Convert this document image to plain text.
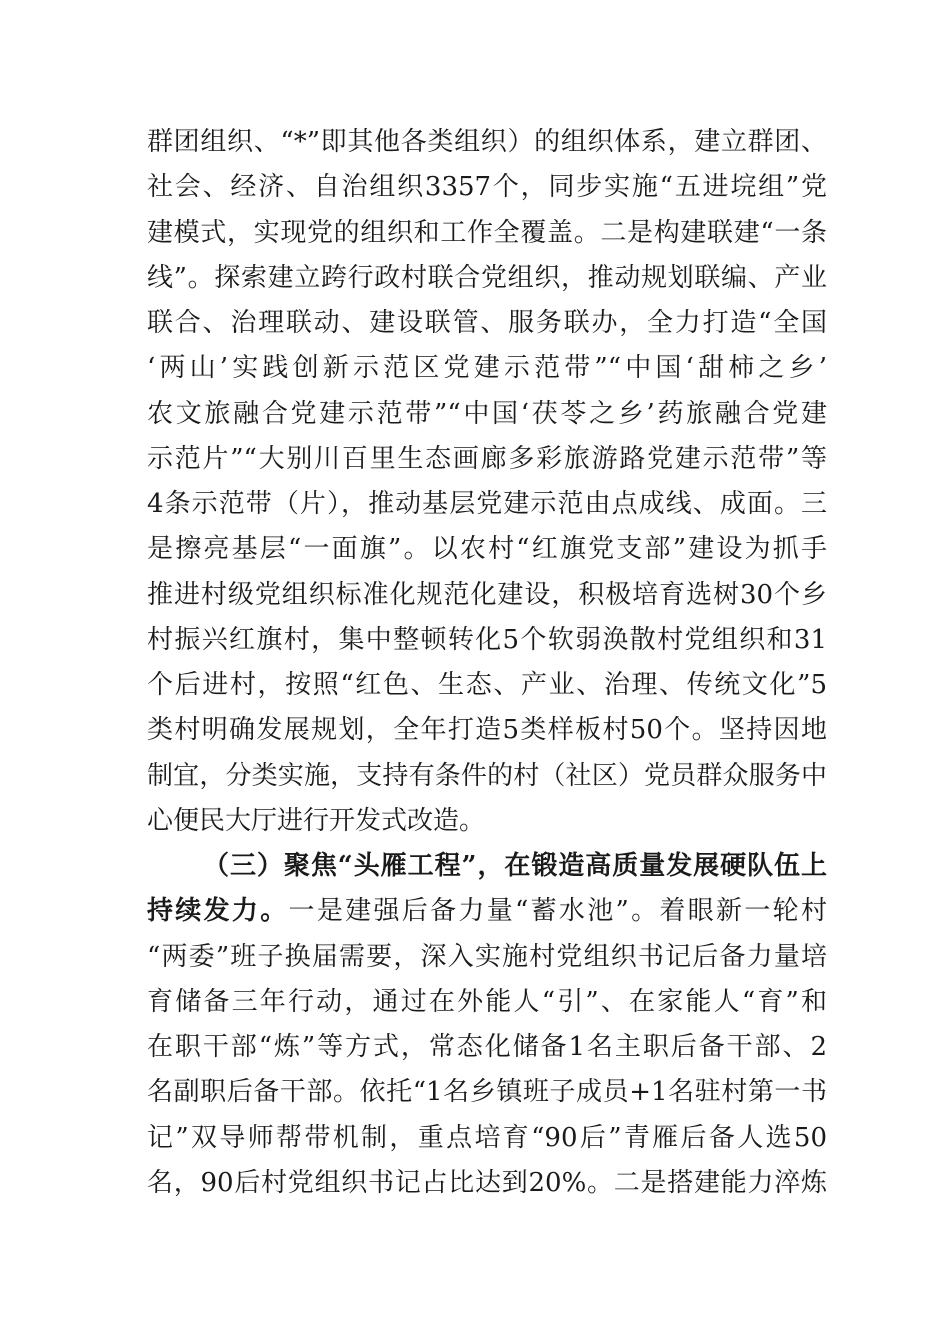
群团组织、“*”即其他各类组织）的组织体系，建立群团、
社会、经济、自治组织3357个，同步实施“五进垸组”党
建模式，实现党的组织和工作全覆盖。二是构建联建“一条
线”。探索建立跨行政村联合党组织，推动规划联编、产业
联合、治理联动、建设联管、服务联办，全力打造“全国
‘两山’实践创新示范区党建示范带”“中国‘甜柿之乡’
农文旅融合党建示范带”“中国‘茯苓之乡’药旅融合党建
示范片”“大别川百里生态画廊多彩旅游路党建示范带”等
4条示范带（片），推动基层党建示范由点成线、成面。三
是擦亮基层“一面旗”。以农村“红旗党支部”建设为抓手
推进村级党组织标准化规范化建设，积极培育选树30个乡
村振兴红旗村，集中整顿转化5个软弱涣散村党组织和31
个后进村，按照“红色、生态、产业、治理、传统文化”5
类村明确发展规划，全年打造5类样板村50个。坚持因地
制宜，分类实施，支持有条件的村（社区）党员群众服务中
心便民大厅进行开发式改造。
（三）聚焦“头雁工程”，在锻造高质量发展硬队伍上
持续发力。一是建强后备力量“蓄水池”。着眼新一轮村
“两委”班子换届需要，深入实施村党组织书记后备力量培
育储备三年行动，通过在外能人“引”、在家能人“育”和
在职干部“炼”等方式，常态化储备1名主职后备干部、2
名副职后备干部。依托“1名乡镇班子成员+1名驻村第一书
记”双导师帮带机制，重点培育“90后”青雁后备人选50
名，90后村党组织书记占比达到20%。二是搭建能力淬炼
